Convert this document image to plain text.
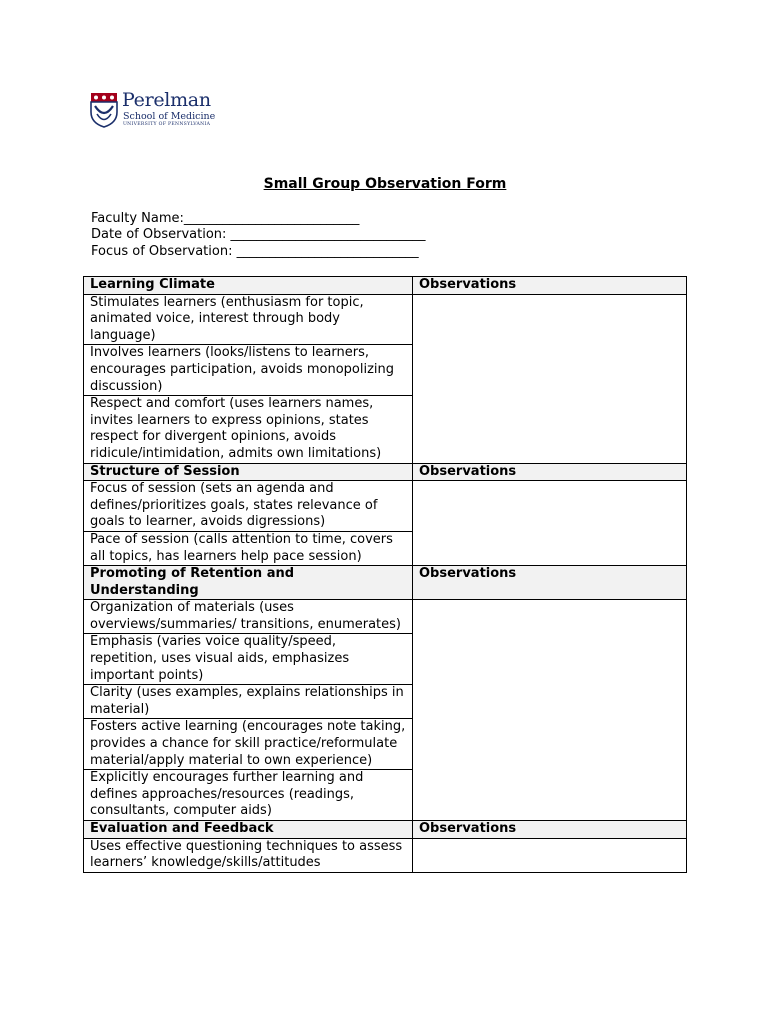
Perelman
School of Medicine
UNIVERSITY OF PENNSYLVANIA
Small Group Observation Form
Faculty Name:___________________________
Date of Observation: ______________________________
Focus of Observation: ____________________________
Learning Climate	Observations
Stimulates learners (enthusiasm for topic, animated voice, interest through body language)	
Involves learners (looks/listens to learners, encourages participation, avoids monopolizing discussion)	
Respect and comfort (uses learners names, invites learners to express opinions, states respect for divergent opinions, avoids ridicule/intimidation, admits own limitations)	
Structure of Session	Observations
Focus of session (sets an agenda and defines/prioritizes goals, states relevance of goals to learner, avoids digressions)	
Pace of session (calls attention to time, covers all topics, has learners help pace session)	
Promoting of Retention and Understanding	Observations
Organization of materials (uses overviews/summaries/ transitions, enumerates)	
Emphasis (varies voice quality/speed, repetition, uses visual aids, emphasizes important points)	
Clarity (uses examples, explains relationships in material)	
Fosters active learning (encourages note taking, provides a chance for skill practice/reformulate material/apply material to own experience)	
Explicitly encourages further learning and defines approaches/resources (readings, consultants, computer aids)	
Evaluation and Feedback	Observations
Uses effective questioning techniques to assess learners’ knowledge/skills/attitudes	
